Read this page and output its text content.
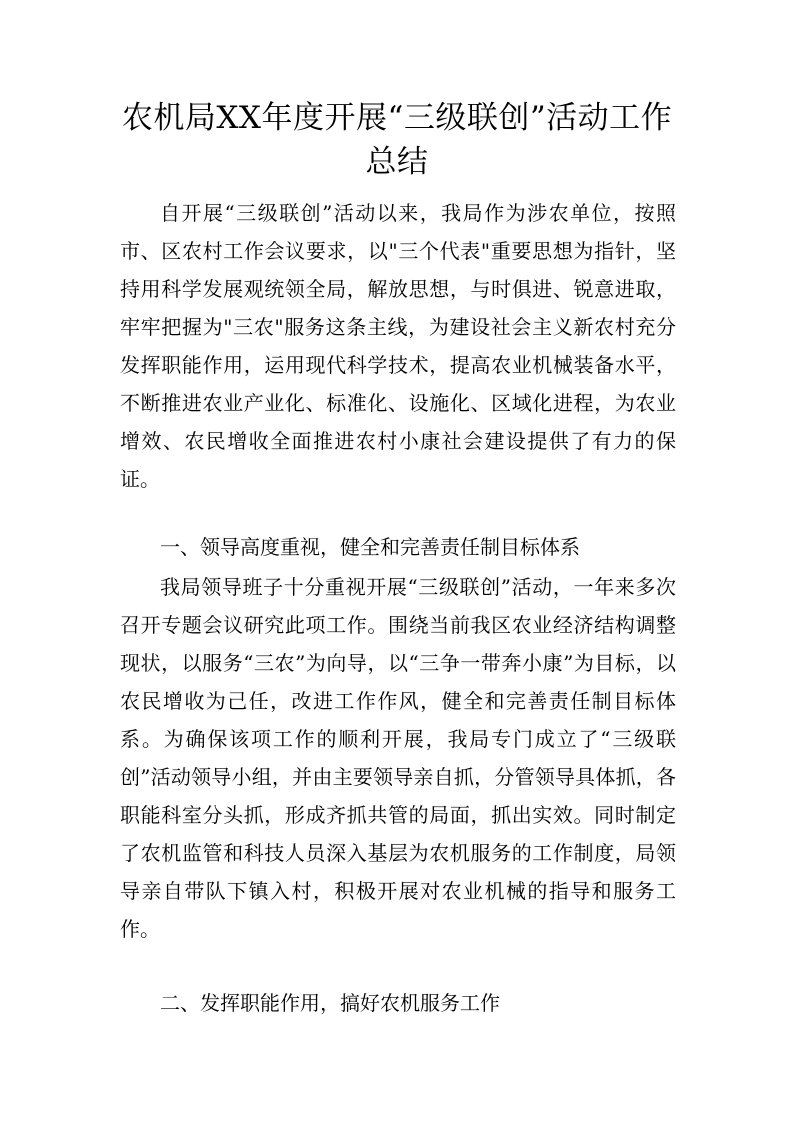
农机局XX年度开展“三级联创”活动工作总结

自开展“三级联创”活动以来，我局作为涉农单位，按照市、区农村工作会议要求，以"三个代表"重要思想为指针，坚持用科学发展观统领全局，解放思想，与时俱进、锐意进取，牢牢把握为"三农"服务这条主线，为建设社会主义新农村充分发挥职能作用，运用现代科学技术，提高农业机械装备水平，不断推进农业产业化、标准化、设施化、区域化进程，为农业增效、农民增收全面推进农村小康社会建设提供了有力的保证。

一、领导高度重视，健全和完善责任制目标体系

我局领导班子十分重视开展“三级联创”活动，一年来多次召开专题会议研究此项工作。围绕当前我区农业经济结构调整现状，以服务“三农”为向导，以“三争一带奔小康”为目标，以农民增收为己任，改进工作作风，健全和完善责任制目标体系。为确保该项工作的顺利开展，我局专门成立了“三级联创”活动领导小组，并由主要领导亲自抓，分管领导具体抓，各职能科室分头抓，形成齐抓共管的局面，抓出实效。同时制定了农机监管和科技人员深入基层为农机服务的工作制度，局领导亲自带队下镇入村，积极开展对农业机械的指导和服务工作。

二、发挥职能作用，搞好农机服务工作
